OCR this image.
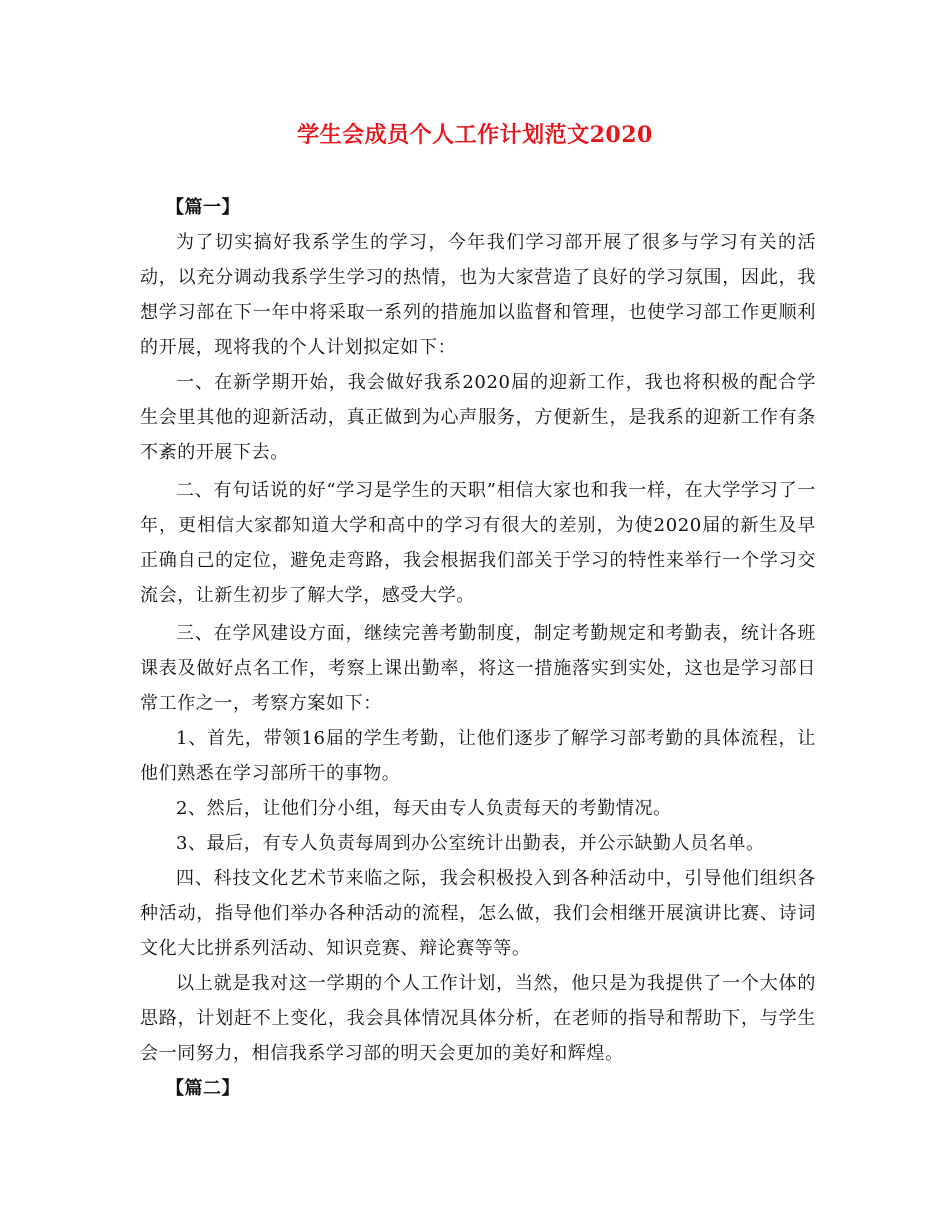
学生会成员个人工作计划范文2020

【篇一】

为了切实搞好我系学生的学习，今年我们学习部开展了很多与学习有关的活动，以充分调动我系学生学习的热情，也为大家营造了良好的学习氛围，因此，我想学习部在下一年中将采取一系列的措施加以监督和管理，也使学习部工作更顺利的开展，现将我的个人计划拟定如下：

一、在新学期开始，我会做好我系2020届的迎新工作，我也将积极的配合学生会里其他的迎新活动，真正做到为心声服务，方便新生，是我系的迎新工作有条不紊的开展下去。

二、有句话说的好“学习是学生的天职”相信大家也和我一样，在大学学习了一年，更相信大家都知道大学和高中的学习有很大的差别，为使2020届的新生及早正确自己的定位，避免走弯路，我会根据我们部关于学习的特性来举行一个学习交流会，让新生初步了解大学，感受大学。

三、在学风建设方面，继续完善考勤制度，制定考勤规定和考勤表，统计各班课表及做好点名工作，考察上课出勤率，将这一措施落实到实处，这也是学习部日常工作之一，考察方案如下：

1、首先，带领16届的学生考勤，让他们逐步了解学习部考勤的具体流程，让他们熟悉在学习部所干的事物。

2、然后，让他们分小组，每天由专人负责每天的考勤情况。

3、最后，有专人负责每周到办公室统计出勤表，并公示缺勤人员名单。

四、科技文化艺术节来临之际，我会积极投入到各种活动中，引导他们组织各种活动，指导他们举办各种活动的流程，怎么做，我们会相继开展演讲比赛、诗词文化大比拼系列活动、知识竞赛、辩论赛等等。

以上就是我对这一学期的个人工作计划，当然，他只是为我提供了一个大体的思路，计划赶不上变化，我会具体情况具体分析，在老师的指导和帮助下，与学生会一同努力，相信我系学习部的明天会更加的美好和辉煌。

【篇二】
